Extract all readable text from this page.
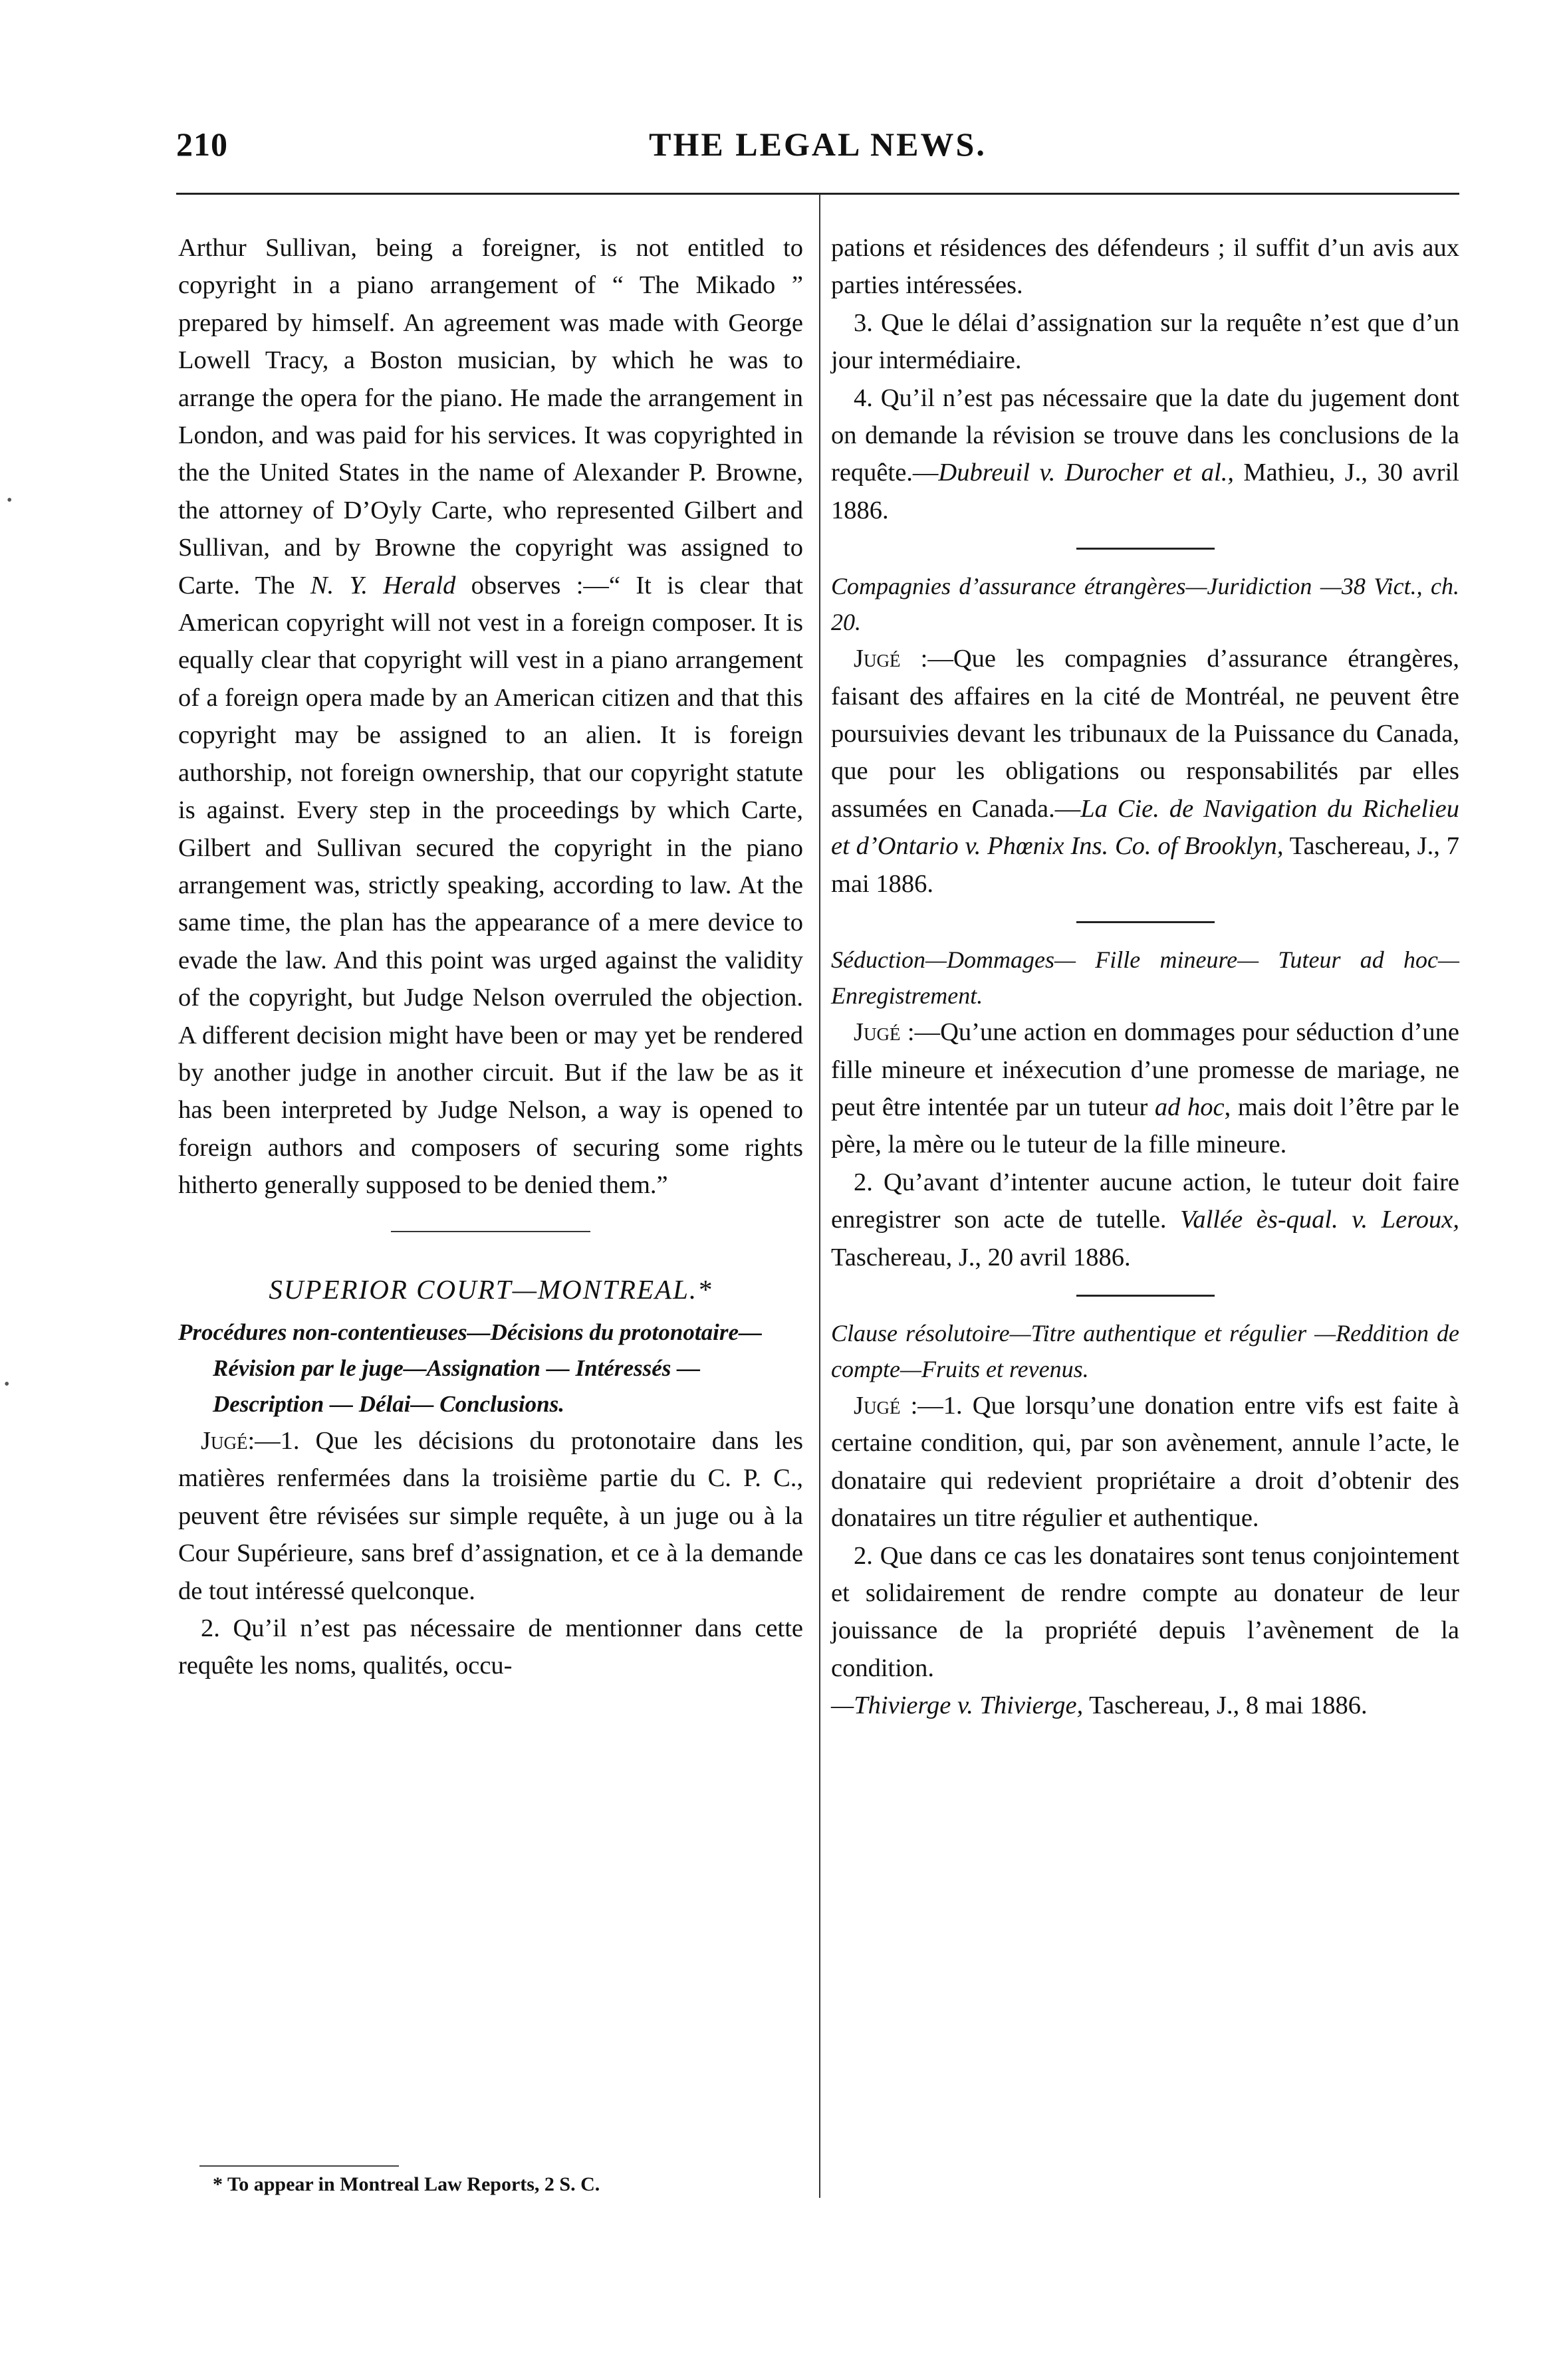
210	THE LEGAL NEWS.

Arthur Sullivan, being a foreigner, is not entitled to copyright in a piano arrangement of “ The Mikado ” prepared by himself. An agreement was made with George Lowell Tracy, a Boston musician, by which he was to arrange the opera for the piano. He made the arrangement in London, and was paid for his services. It was copyrighted in the the United States in the name of Alexander P. Browne, the attorney of D’Oyly Carte, who represented Gilbert and Sullivan, and by Browne the copyright was assigned to Carte. The N. Y. Herald observes :—“ It is clear that American copyright will not vest in a foreign composer. It is equally clear that copyright will vest in a piano arrangement of a foreign opera made by an American citizen and that this copyright may be assigned to an alien. It is foreign authorship, not foreign ownership, that our copyright statute is against. Every step in the proceedings by which Carte, Gilbert and Sullivan secured the copyright in the piano arrangement was, strictly speaking, according to law. At the same time, the plan has the appearance of a mere device to evade the law. And this point was urged against the validity of the copyright, but Judge Nelson overruled the objection. A different decision might have been or may yet be rendered by another judge in another circuit. But if the law be as it has been interpreted by Judge Nelson, a way is opened to foreign authors and composers of securing some rights hitherto generally supposed to be denied them.”

SUPERIOR COURT—MONTREAL.*

Procédures non-contentieuses—Décisions du protonotaire—Révision par le juge—Assignation — Intéressés — Description — Délai— Conclusions.

Jugé:—1. Que les décisions du protonotaire dans les matières renfermées dans la troisième partie du C. P. C., peuvent être révisées sur simple requête, à un juge ou à la Cour Supérieure, sans bref d’assignation, et ce à la demande de tout intéressé quelconque.

2. Qu’il n’est pas nécessaire de mentionner dans cette requête les noms, qualités, occu-

* To appear in Montreal Law Reports, 2 S. C.

pations et résidences des défendeurs ; il suffit d’un avis aux parties intéressées.

3. Que le délai d’assignation sur la requête n’est que d’un jour intermédiaire.

4. Qu’il n’est pas nécessaire que la date du jugement dont on demande la révision se trouve dans les conclusions de la requête.—Dubreuil v. Durocher et al., Mathieu, J., 30 avril 1886.

Compagnies d’assurance étrangères—Juridiction —38 Vict., ch. 20.

Jugé :—Que les compagnies d’assurance étrangères, faisant des affaires en la cité de Montréal, ne peuvent être poursuivies devant les tribunaux de la Puissance du Canada, que pour les obligations ou responsabilités par elles assumées en Canada.—La Cie. de Navigation du Richelieu et d’Ontario v. Phœnix Ins. Co. of Brooklyn, Taschereau, J., 7 mai 1886.

Séduction—Dommages— Fille mineure— Tuteur ad hoc—Enregistrement.

Jugé :—Qu’une action en dommages pour séduction d’une fille mineure et inéxecution d’une promesse de mariage, ne peut être intentée par un tuteur ad hoc, mais doit l’être par le père, la mère ou le tuteur de la fille mineure.

2. Qu’avant d’intenter aucune action, le tuteur doit faire enregistrer son acte de tutelle. Vallée ès-qual. v. Leroux, Taschereau, J., 20 avril 1886.

Clause résolutoire—Titre authentique et régulier —Reddition de compte—Fruits et revenus.

Jugé :—1. Que lorsqu’une donation entre vifs est faite à certaine condition, qui, par son avènement, annule l’acte, le donataire qui redevient propriétaire a droit d’obtenir des donataires un titre régulier et authentique.

2. Que dans ce cas les donataires sont tenus conjointement et solidairement de rendre compte au donateur de leur jouissance de la propriété depuis l’avènement de la condition.
—Thivierge v. Thivierge, Taschereau, J., 8 mai 1886.

•
•
